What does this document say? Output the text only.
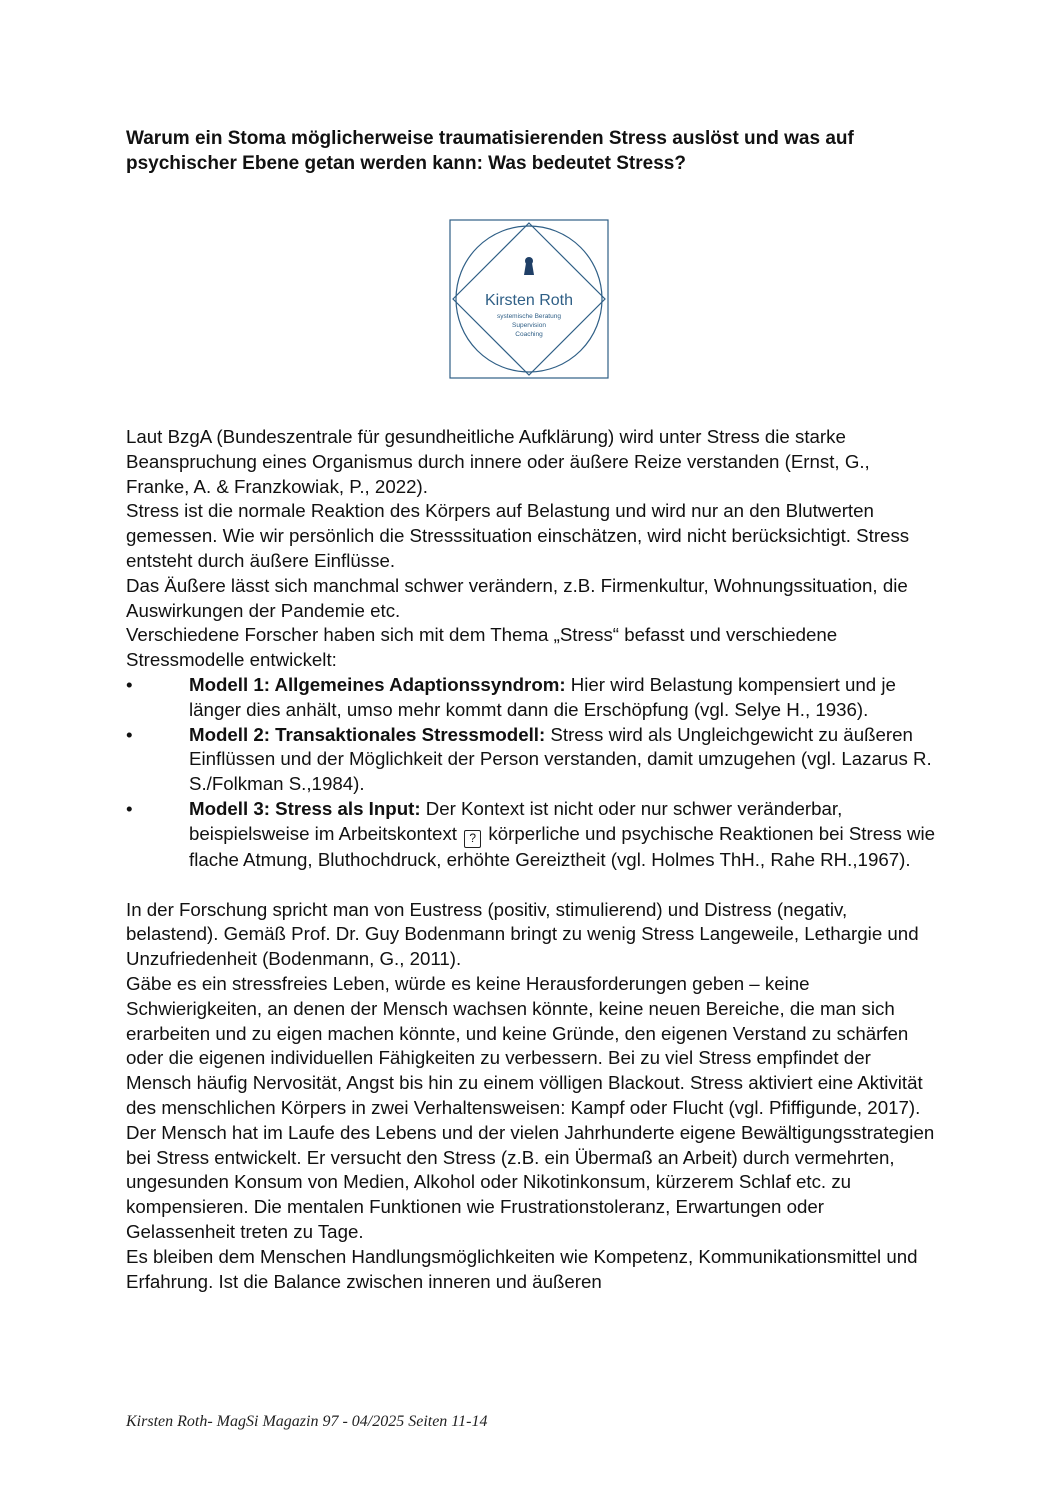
Warum ein Stoma möglicherweise traumatisierenden Stress auslöst und was auf psychischer Ebene getan werden kann: Was bedeutet Stress?
Kirsten Roth
systemische Beratung
Supervision
Coaching

Laut BzgA (Bundeszentrale für gesundheitliche Aufklärung) wird unter Stress die starke Beanspruchung eines Organismus durch innere oder äußere Reize verstanden (Ernst, G., Franke, A. & Franzkowiak, P., 2022).

Stress ist die normale Reaktion des Körpers auf Belastung und wird nur an den Blutwerten gemessen. Wie wir persönlich die Stresssituation einschätzen, wird nicht berücksichtigt. Stress entsteht durch äußere Einflüsse.

Das Äußere lässt sich manchmal schwer verändern, z.B. Firmenkultur, Wohnungssituation, die Auswirkungen der Pandemie etc.

Verschiedene Forscher haben sich mit dem Thema „Stress“ befasst und verschiedene Stressmodelle entwickelt:

•	Modell 1: Allgemeines Adaptionssyndrom: Hier wird Belastung kompensiert und je länger dies anhält, umso mehr kommt dann die Erschöpfung (vgl. Selye H., 1936).
•	Modell 2: Transaktionales Stressmodell: Stress wird als Ungleichgewicht zu äußeren Einflüssen und der Möglichkeit der Person verstanden, damit umzugehen (vgl. Lazarus R. S./Folkman S.,1984).
•	Modell 3: Stress als Input: Der Kontext ist nicht oder nur schwer veränderbar, beispielsweise im Arbeitskontext ? körperliche und psychische Reaktionen bei Stress wie flache Atmung, Bluthochdruck, erhöhte Gereiztheit (vgl. Holmes ThH., Rahe RH.,1967).

In der Forschung spricht man von Eustress (positiv, stimulierend) und Distress (negativ, belastend). Gemäß Prof. Dr. Guy Bodenmann bringt zu wenig Stress Langeweile, Lethargie und Unzufriedenheit (Bodenmann, G., 2011).

Gäbe es ein stressfreies Leben, würde es keine Herausforderungen geben – keine Schwierigkeiten, an denen der Mensch wachsen könnte, keine neuen Bereiche, die man sich erarbeiten und zu eigen machen könnte, und keine Gründe, den eigenen Verstand zu schärfen oder die eigenen individuellen Fähigkeiten zu verbessern. Bei zu viel Stress empfindet der Mensch häufig Nervosität, Angst bis hin zu einem völligen Blackout. Stress aktiviert eine Aktivität des menschlichen Körpers in zwei Verhaltensweisen: Kampf oder Flucht (vgl. Pfiffigunde, 2017).

Der Mensch hat im Laufe des Lebens und der vielen Jahrhunderte eigene Bewältigungsstrategien bei Stress entwickelt. Er versucht den Stress (z.B. ein Übermaß an Arbeit) durch vermehrten, ungesunden Konsum von Medien, Alkohol oder Nikotinkonsum, kürzerem Schlaf etc. zu kompensieren. Die mentalen Funktionen wie Frustrationstoleranz, Erwartungen oder Gelassenheit treten zu Tage.

Es bleiben dem Menschen Handlungsmöglichkeiten wie Kompetenz, Kommunikationsmittel und Erfahrung. Ist die Balance zwischen inneren und äußeren

Kirsten Roth- MagSi Magazin 97 - 04/2025 Seiten 11-14
